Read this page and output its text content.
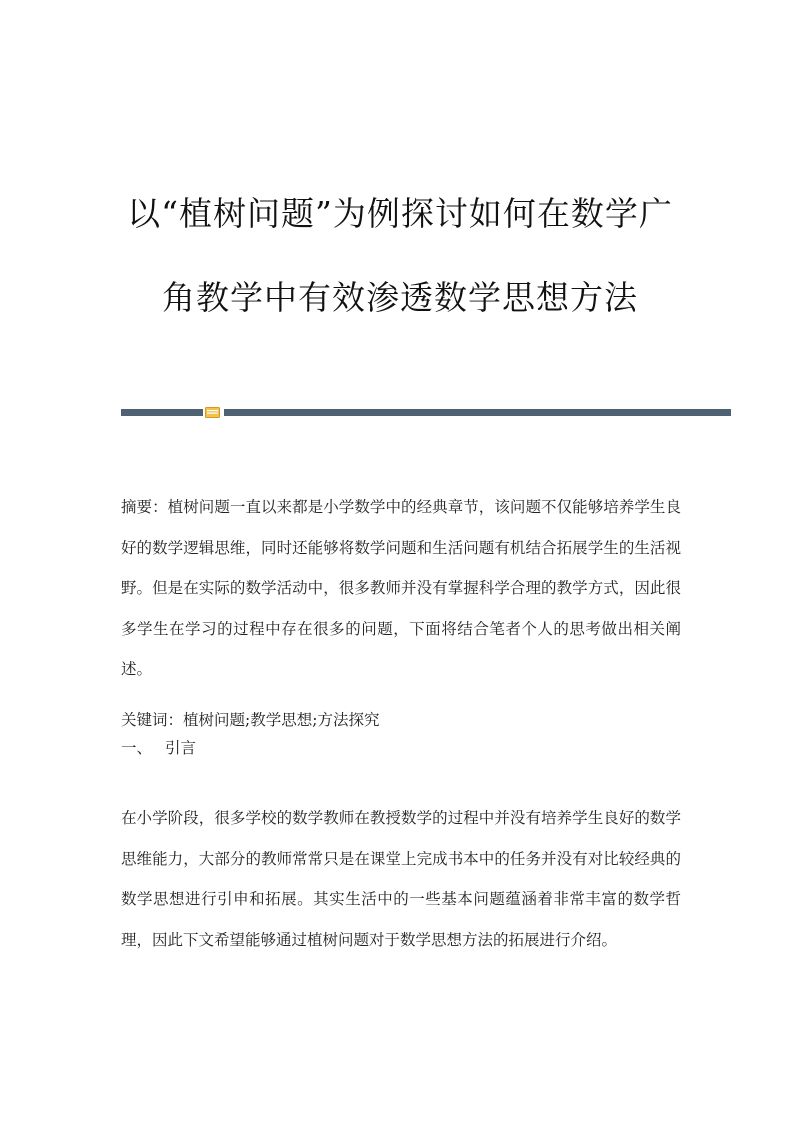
以“植树问题”为例探讨如何在数学广
角教学中有效渗透数学思想方法

摘要：植树问题一直以来都是小学数学中的经典章节，该问题不仅能够培养学生良好的数学逻辑思维，同时还能够将数学问题和生活问题有机结合拓展学生的生活视野。但是在实际的数学活动中，很多教师并没有掌握科学合理的教学方式，因此很多学生在学习的过程中存在很多的问题，下面将结合笔者个人的思考做出相关阐述。

关键词：植树问题;教学思想;方法探究
一、 引言

在小学阶段，很多学校的数学教师在教授数学的过程中并没有培养学生良好的数学思维能力，大部分的教师常常只是在课堂上完成书本中的任务并没有对比较经典的数学思想进行引申和拓展。其实生活中的一些基本问题蕴涵着非常丰富的数学哲理，因此下文希望能够通过植树问题对于数学思想方法的拓展进行介绍。
